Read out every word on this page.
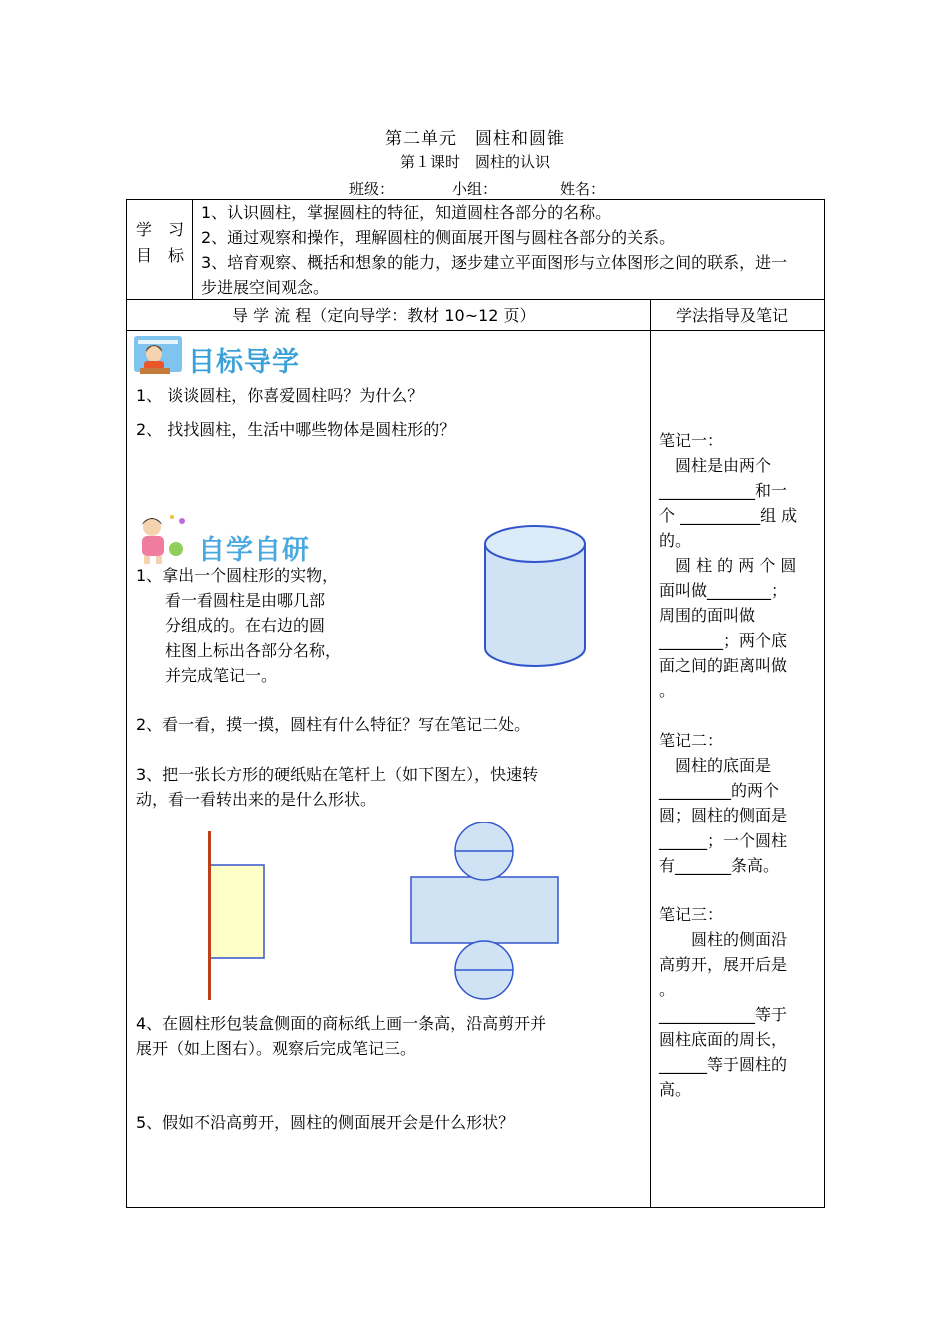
第二单元　圆柱和圆锥
第１课时　圆柱的认识
班级：	小组：	姓名：
学　习
目　标
1、认识圆柱，掌握圆柱的特征，知道圆柱各部分的名称。
2、通过观察和操作，理解圆柱的侧面展开图与圆柱各部分的关系。
3、培育观察、概括和想象的能力，逐步建立平面图形与立体图形之间的联系，进一
步进展空间观念。
导 学 流 程（定向导学：教材 10~12 页）	学法指导及笔记
目标导学
1、 谈谈圆柱，你喜爱圆柱吗？为什么？
2、 找找圆柱，生活中哪些物体是圆柱形的？
自学自研
1、拿出一个圆柱形的实物，
看一看圆柱是由哪几部
分组成的。在右边的圆
柱图上标出各部分名称，
并完成笔记一。
2、看一看，摸一摸，圆柱有什么特征？写在笔记二处。
3、把一张长方形的硬纸贴在笔杆上（如下图左），快速转
动，看一看转出来的是什么形状。
4、在圆柱形包装盒侧面的商标纸上画一条高，沿高剪开并
展开（如上图右）。观察后完成笔记三。
5、假如不沿高剪开，圆柱的侧面展开会是什么形状？
笔记一：
　圆柱是由两个
____________和一
个 __________组 成
的。
　圆 柱 的 两 个 圆
面叫做________；
周围的面叫做
________；两个底
面之间的距离叫做
。
笔记二：
　圆柱的底面是
_________的两个
圆；圆柱的侧面是
______；一个圆柱
有_______条高。
笔记三：
　　圆柱的侧面沿
高剪开，展开后是
。
____________等于
圆柱底面的周长，
______等于圆柱的
高。
